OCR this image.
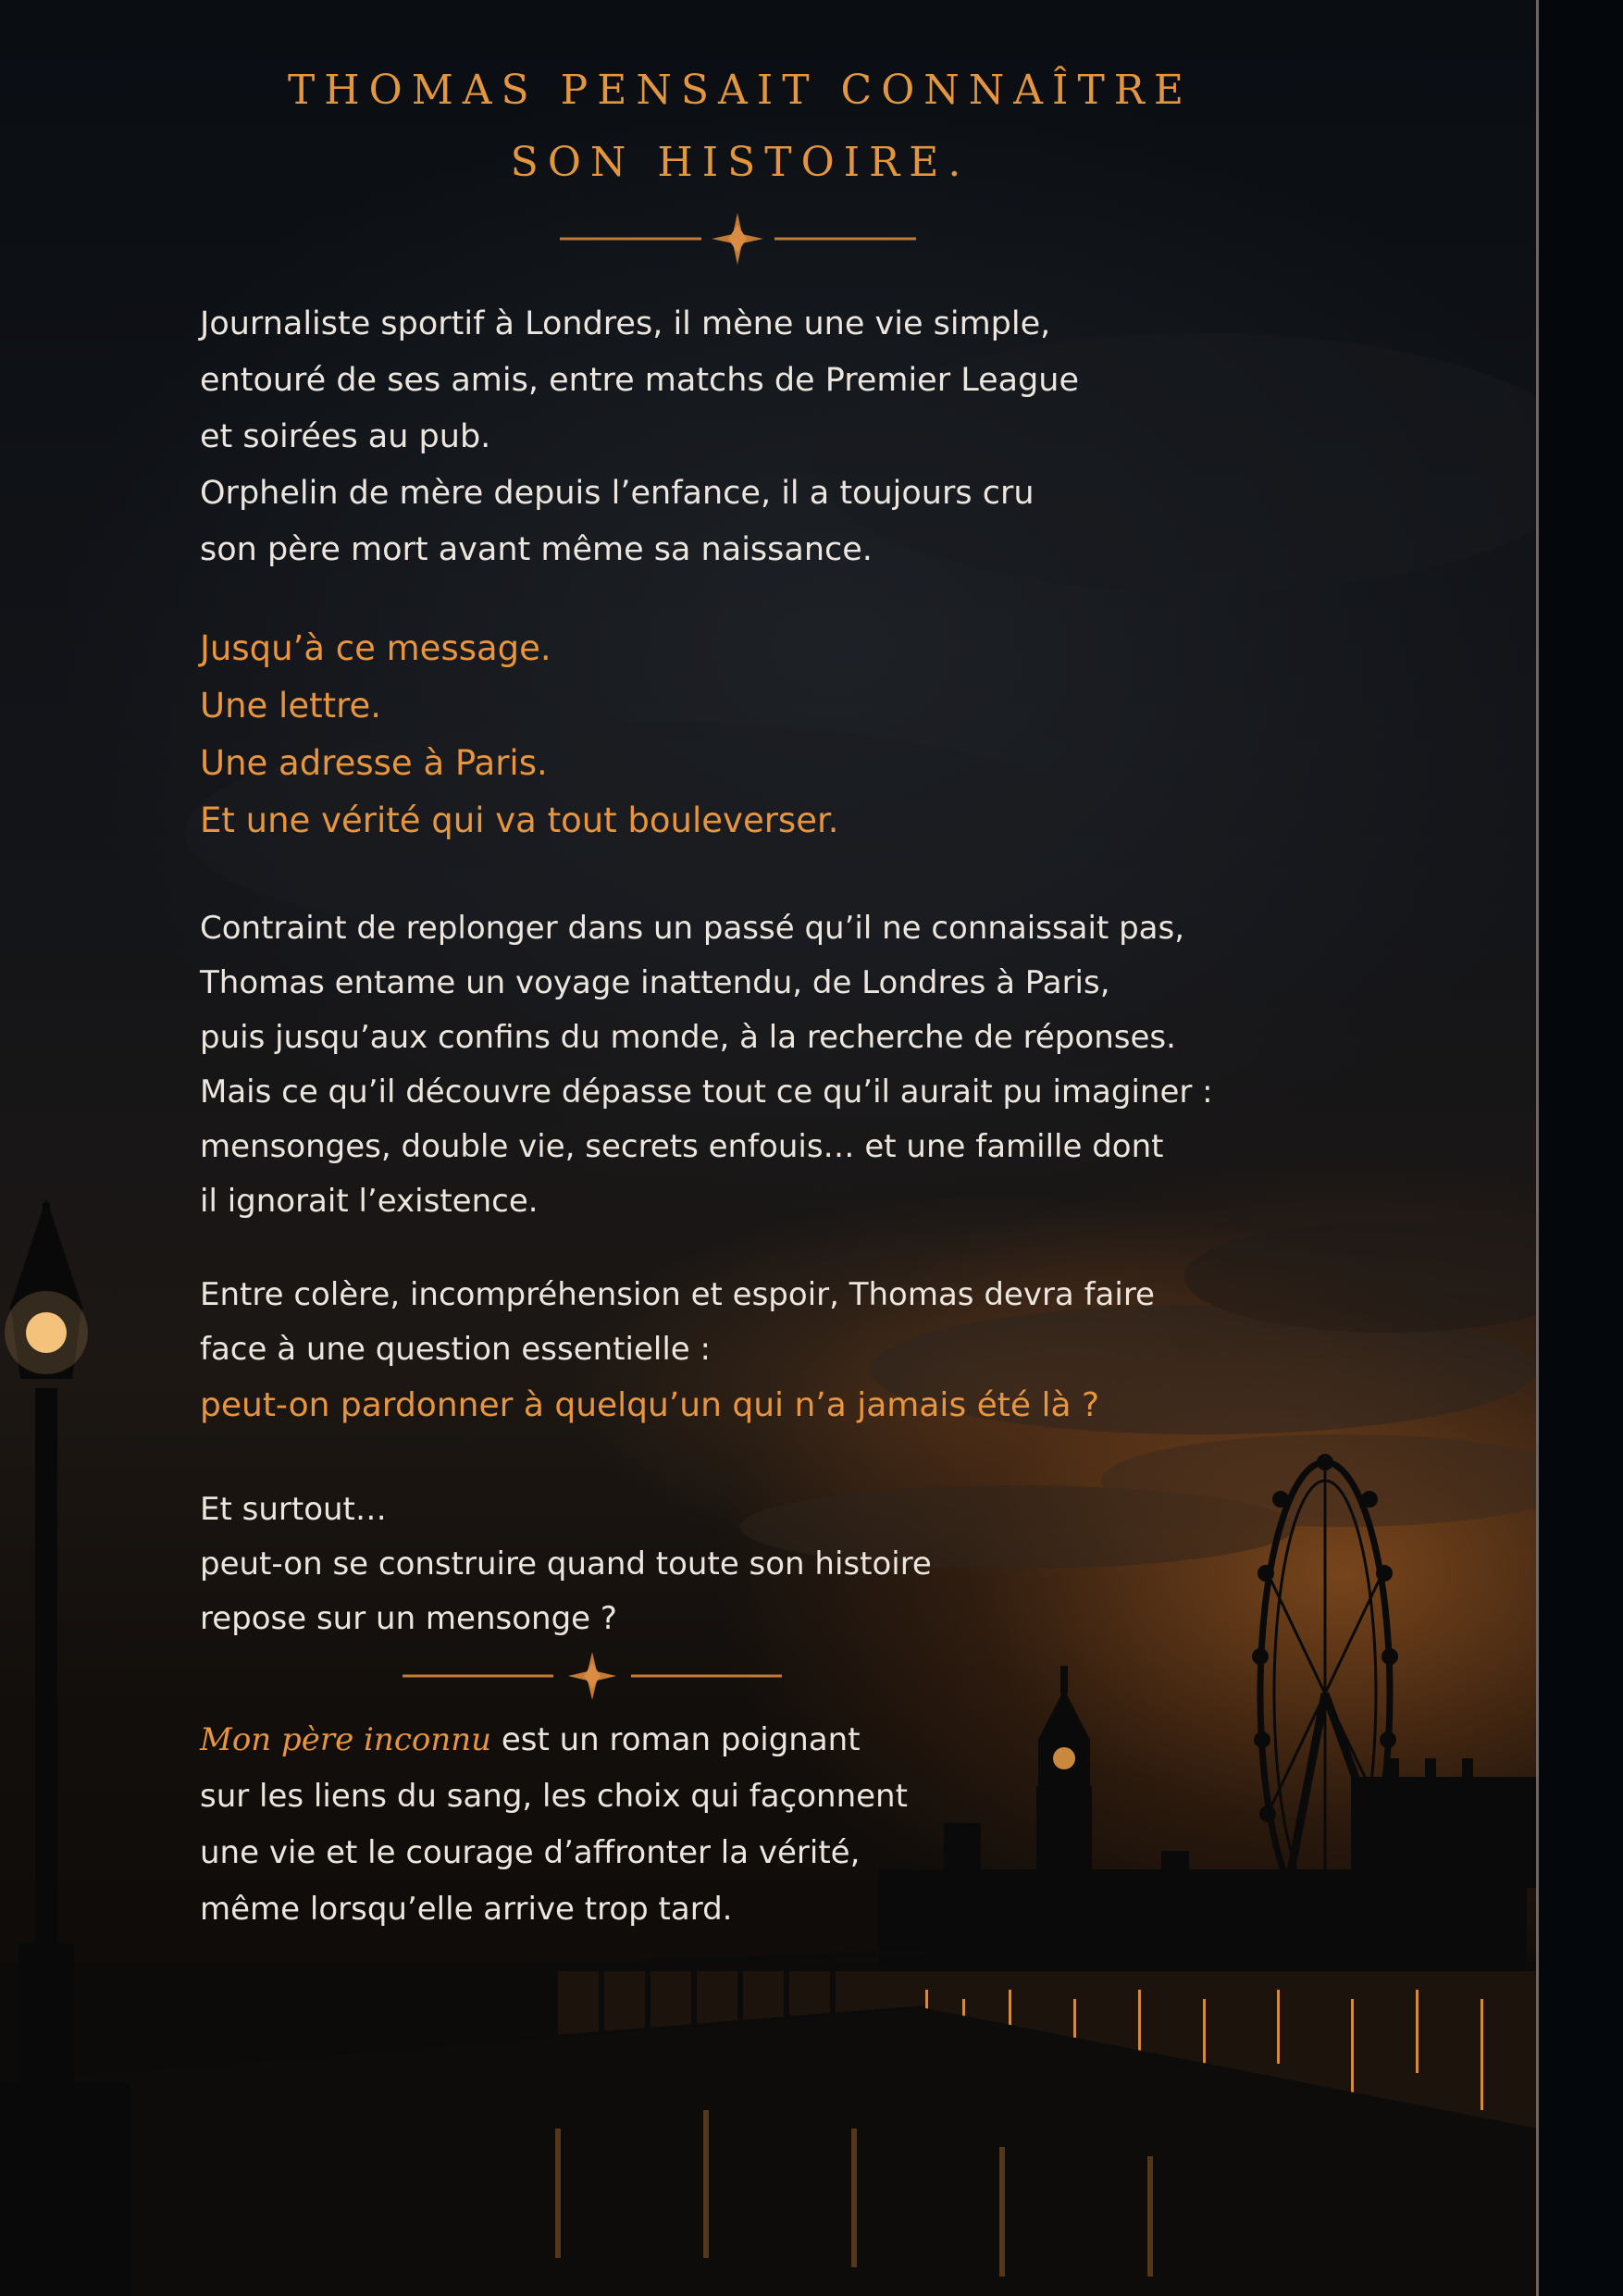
THOMAS PENSAIT CONNAÎTRE
SON HISTOIRE.
Journaliste sportif à Londres, il mène une vie simple,
entouré de ses amis, entre matchs de Premier League
et soirées au pub.
Orphelin de mère depuis l’enfance, il a toujours cru
son père mort avant même sa naissance.
Jusqu’à ce message.
Une lettre.
Une adresse à Paris.
Et une vérité qui va tout bouleverser.
Contraint de replonger dans un passé qu’il ne connaissait pas,
Thomas entame un voyage inattendu, de Londres à Paris,
puis jusqu’aux confins du monde, à la recherche de réponses.
Mais ce qu’il découvre dépasse tout ce qu’il aurait pu imaginer :
mensonges, double vie, secrets enfouis… et une famille dont
il ignorait l’existence.
Entre colère, incompréhension et espoir, Thomas devra faire
face à une question essentielle :
peut-on pardonner à quelqu’un qui n’a jamais été là ?
Et surtout…
peut-on se construire quand toute son histoire
repose sur un mensonge ?
Mon père inconnu est un roman poignant
sur les liens du sang, les choix qui façonnent
une vie et le courage d’affronter la vérité,
même lorsqu’elle arrive trop tard.
